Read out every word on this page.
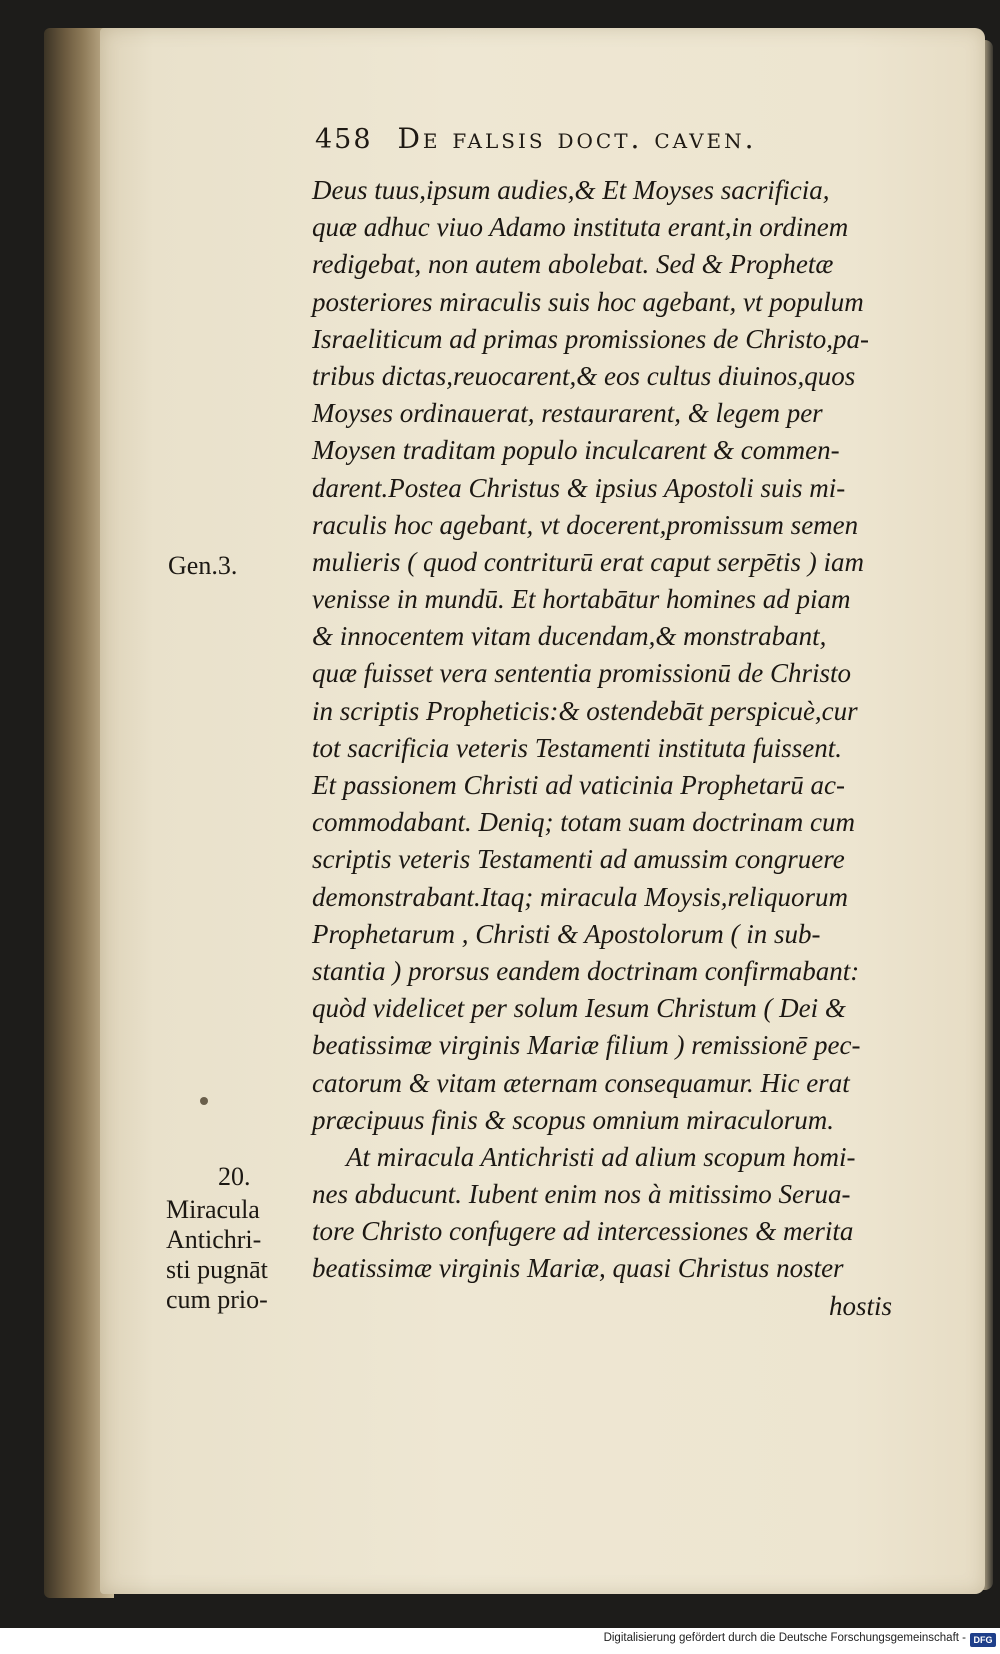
458 De falsis doct. caven.
Deus tuus,ipsum audies,& Et Moyses sacrificia,
quæ adhuc viuo Adamo instituta erant,in ordinem
redigebat, non autem abolebat. Sed & Prophetæ
posteriores miraculis suis hoc agebant, vt populum
Israeliticum ad primas promissiones de Christo,pa-
tribus dictas,reuocarent,& eos cultus diuinos,quos
Moyses ordinauerat, restaurarent, & legem per
Moysen traditam populo inculcarent & commen-
darent.Postea Christus & ipsius Apostoli suis mi-
raculis hoc agebant, vt docerent,promissum semen
mulieris ( quod contriturū erat caput serpētis ) iam
venisse in mundū. Et hortabātur homines ad piam
& innocentem vitam ducendam,& monstrabant,
quæ fuisset vera sententia promissionū de Christo
in scriptis Propheticis:& ostendebāt perspicuè,cur
tot sacrificia veteris Testamenti instituta fuissent.
Et passionem Christi ad vaticinia Prophetarū ac-
commodabant. Deniq; totam suam doctrinam cum
scriptis veteris Testamenti ad amussim congruere
demonstrabant.Itaq; miracula Moysis,reliquorum
Prophetarum , Christi & Apostolorum ( in sub-
stantia ) prorsus eandem doctrinam confirmabant:
quòd videlicet per solum Iesum Christum ( Dei &
beatissimæ virginis Mariæ filium ) remissionē pec-
catorum & vitam æternam consequamur. Hic erat
præcipuus finis & scopus omnium miraculorum.
At miracula Antichristi ad alium scopum homi-
nes abducunt. Iubent enim nos à mitissimo Serua-
tore Christo confugere ad intercessiones & merita
beatissimæ virginis Mariæ, quasi Christus noster
hostis
Gen.3.
20.
Miracula
Antichri-
sti pugnāt
cum prio-
Digitalisierung gefördert durch die Deutsche Forschungsgemeinschaft - DFG
